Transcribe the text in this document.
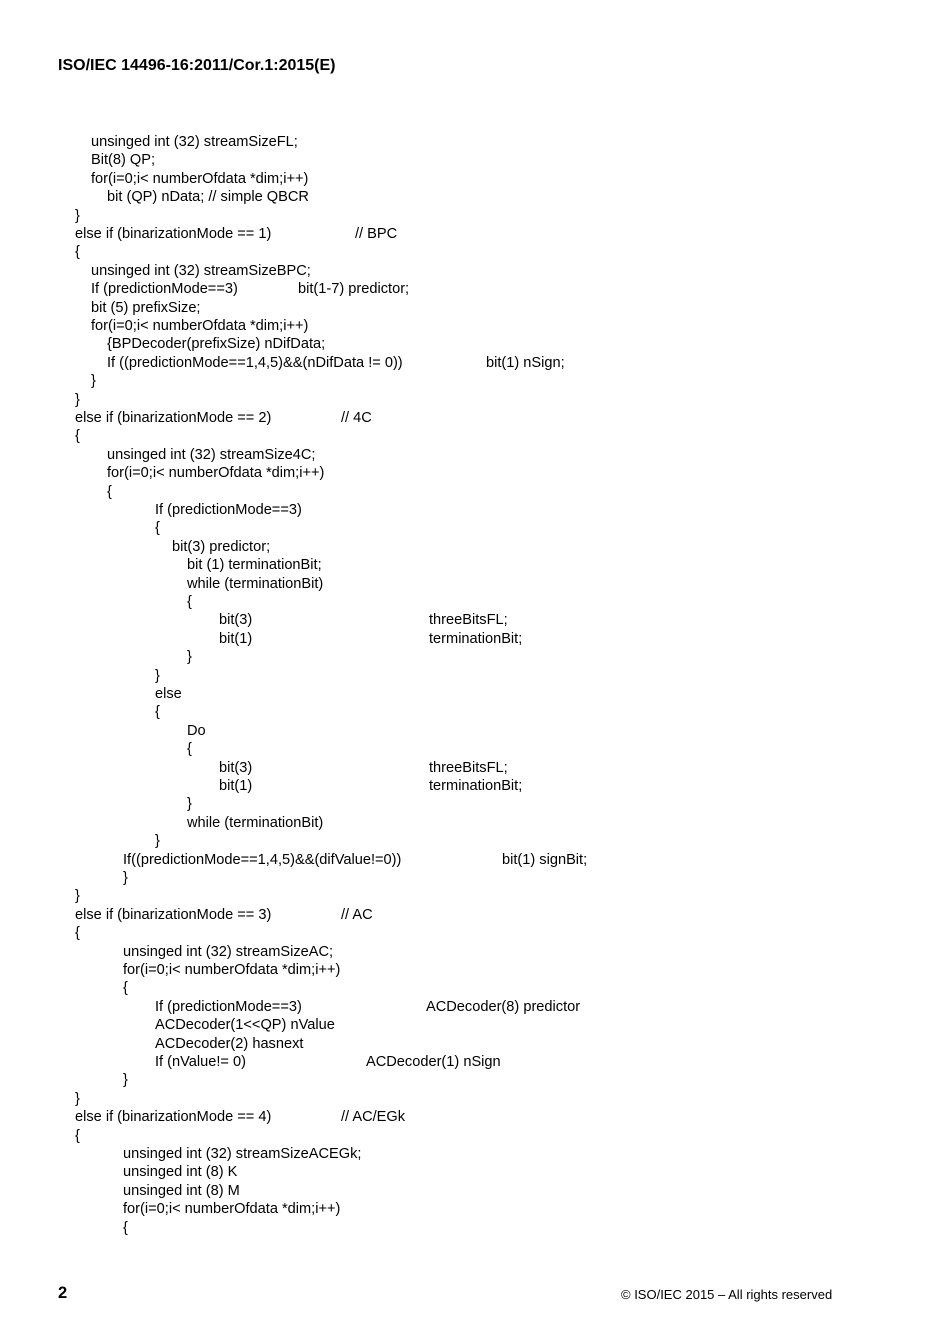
ISO/IEC 14496-16:2011/Cor.1:2015(E)
unsinged int (32) streamSizeFL;
Bit(8) QP;
for(i=0;i< numberOfdata *dim;i++)
bit (QP) nData; // simple QBCR
}
else if (binarizationMode == 1)	// BPC
{
unsinged int (32) streamSizeBPC;
If (predictionMode==3)	bit(1-7) predictor;
bit (5) prefixSize;
for(i=0;i< numberOfdata *dim;i++)
{BPDecoder(prefixSize) nDifData;
If ((predictionMode==1,4,5)&&(nDifData != 0))	bit(1) nSign;
}
}
else if (binarizationMode == 2)	// 4C
{
unsinged int (32) streamSize4C;
for(i=0;i< numberOfdata *dim;i++)
{
If (predictionMode==3)
{
bit(3) predictor;
bit (1) terminationBit;
while (terminationBit)
{
bit(3)	threeBitsFL;
bit(1)	terminationBit;
}
}
else
{
Do
{
bit(3)	threeBitsFL;
bit(1)	terminationBit;
}
while (terminationBit)
}
If((predictionMode==1,4,5)&&(difValue!=0))	bit(1) signBit;
}
}
else if (binarizationMode == 3)	// AC
{
unsinged int (32) streamSizeAC;
for(i=0;i< numberOfdata *dim;i++)
{
If (predictionMode==3)	ACDecoder(8) predictor
ACDecoder(1<<QP) nValue
ACDecoder(2) hasnext
If (nValue!= 0)	ACDecoder(1) nSign
}
}
else if (binarizationMode == 4)	// AC/EGk
{
unsinged int (32) streamSizeACEGk;
unsinged int (8) K
unsinged int (8) M
for(i=0;i< numberOfdata *dim;i++)
{
2	© ISO/IEC 2015 – All rights reserved
